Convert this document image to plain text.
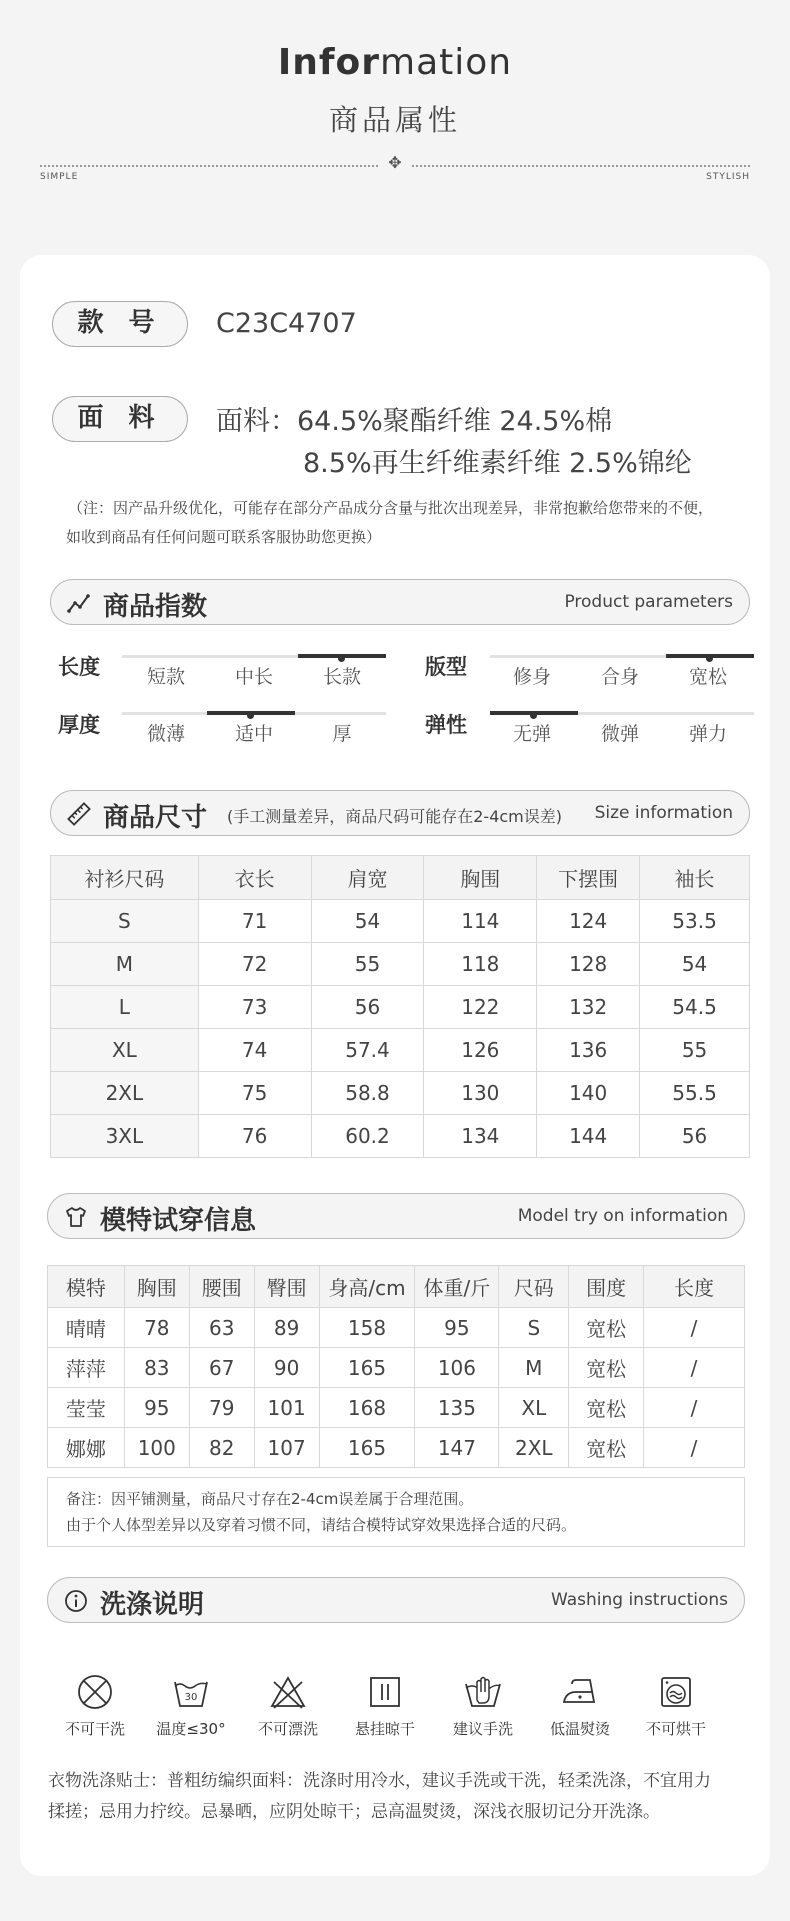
Information
商品属性
✥
SIMPLE	STYLISH
款 号	C23C4707
面 料	面料：64.5%聚酯纤维 24.5%棉
8.5%再生纤维素纤维 2.5%锦纶
（注：因产品升级优化，可能存在部分产品成分含量与批次出现差异，非常抱歉给您带来的不便，
如收到商品有任何问题可联系客服协助您更换）
商品指数	Product parameters
长度	短款	中长	长款	版型	修身	合身	宽松
厚度	微薄	适中	厚	弹性	无弹	微弹	弹力
商品尺寸 (手工测量差异，商品尺码可能存在2-4cm误差) Size information
衬衫尺码	衣长	肩宽	胸围	下摆围	袖长
S	71	54	114	124	53.5
M	72	55	118	128	54
L	73	56	122	132	54.5
XL	74	57.4	126	136	55
2XL	75	58.8	130	140	55.5
3XL	76	60.2	134	144	56
模特试穿信息	Model try on information
模特	胸围	腰围	臀围	身高/cm	体重/斤	尺码	围度	长度
晴晴	78	63	89	158	95	S	宽松	/
萍萍	83	67	90	165	106	M	宽松	/
莹莹	95	79	101	168	135	XL	宽松	/
娜娜	100	82	107	165	147	2XL	宽松	/
备注：因平铺测量，商品尺寸存在2-4cm误差属于合理范围。
由于个人体型差异以及穿着习惯不同，请结合模特试穿效果选择合适的尺码。
洗涤说明	Washing instructions
不可干洗
30
温度≤30°	不可漂洗	悬挂晾干	建议手洗	低温熨烫	不可烘干
衣物洗涤贴士：普粗纺编织面料：洗涤时用冷水，建议手洗或干洗，轻柔洗涤，不宜用力
揉搓；忌用力拧绞。忌暴晒，应阴处晾干；忌高温熨烫，深浅衣服切记分开洗涤。
